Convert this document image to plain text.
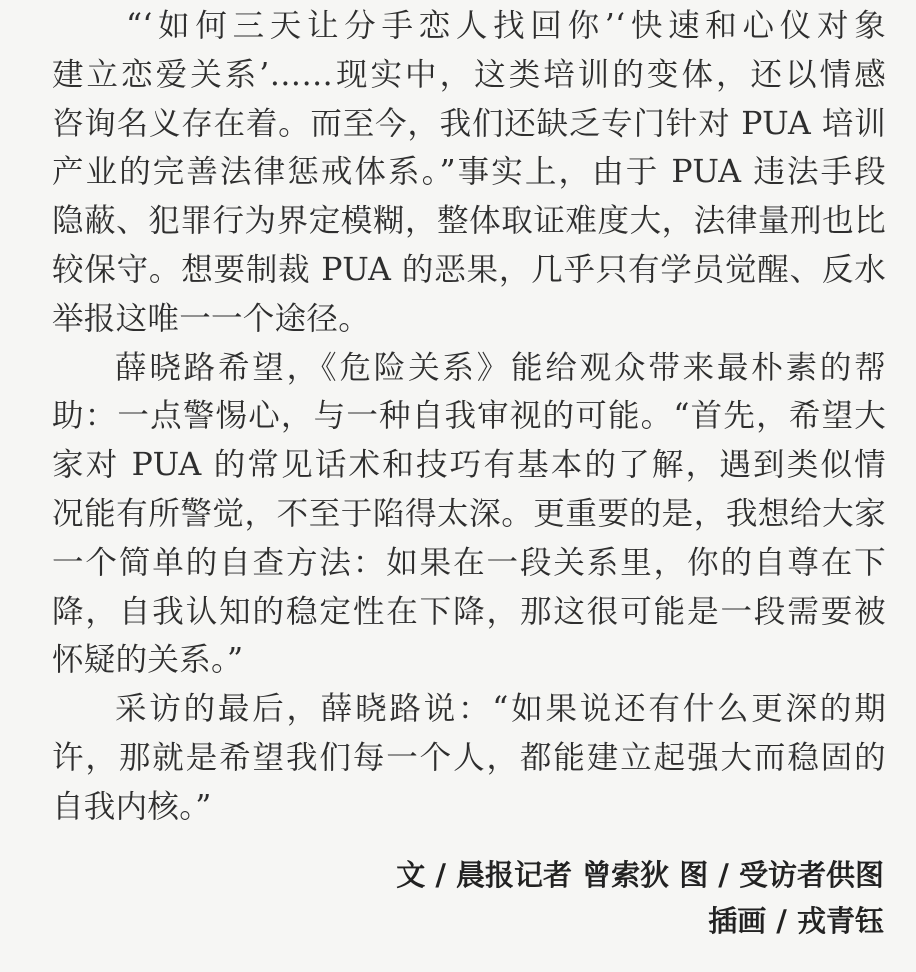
“‘如何三天让分手恋人找回你’‘快速和心仪对象
建立恋爱关系’……现实中，这类培训的变体，还以情感
咨询名义存在着。而至今，我们还缺乏专门针对 PUA 培训
产业的完善法律惩戒体系。”事实上，由于 PUA 违法手段
隐蔽、犯罪行为界定模糊，整体取证难度大，法律量刑也比
较保守。想要制裁 PUA 的恶果，几乎只有学员觉醒、反水
举报这唯一一个途径。
薛晓路希望，《危险关系》能给观众带来最朴素的帮
助：一点警惕心，与一种自我审视的可能。“首先，希望大
家对 PUA 的常见话术和技巧有基本的了解，遇到类似情
况能有所警觉，不至于陷得太深。更重要的是，我想给大家
一个简单的自查方法：如果在一段关系里，你的自尊在下
降，自我认知的稳定性在下降，那这很可能是一段需要被
怀疑的关系。”
采访的最后，薛晓路说：“如果说还有什么更深的期
许，那就是希望我们每一个人，都能建立起强大而稳固的
自我内核。”
文 / 晨报记者 曾索狄 图 / 受访者供图
插画 / 戎青钰
